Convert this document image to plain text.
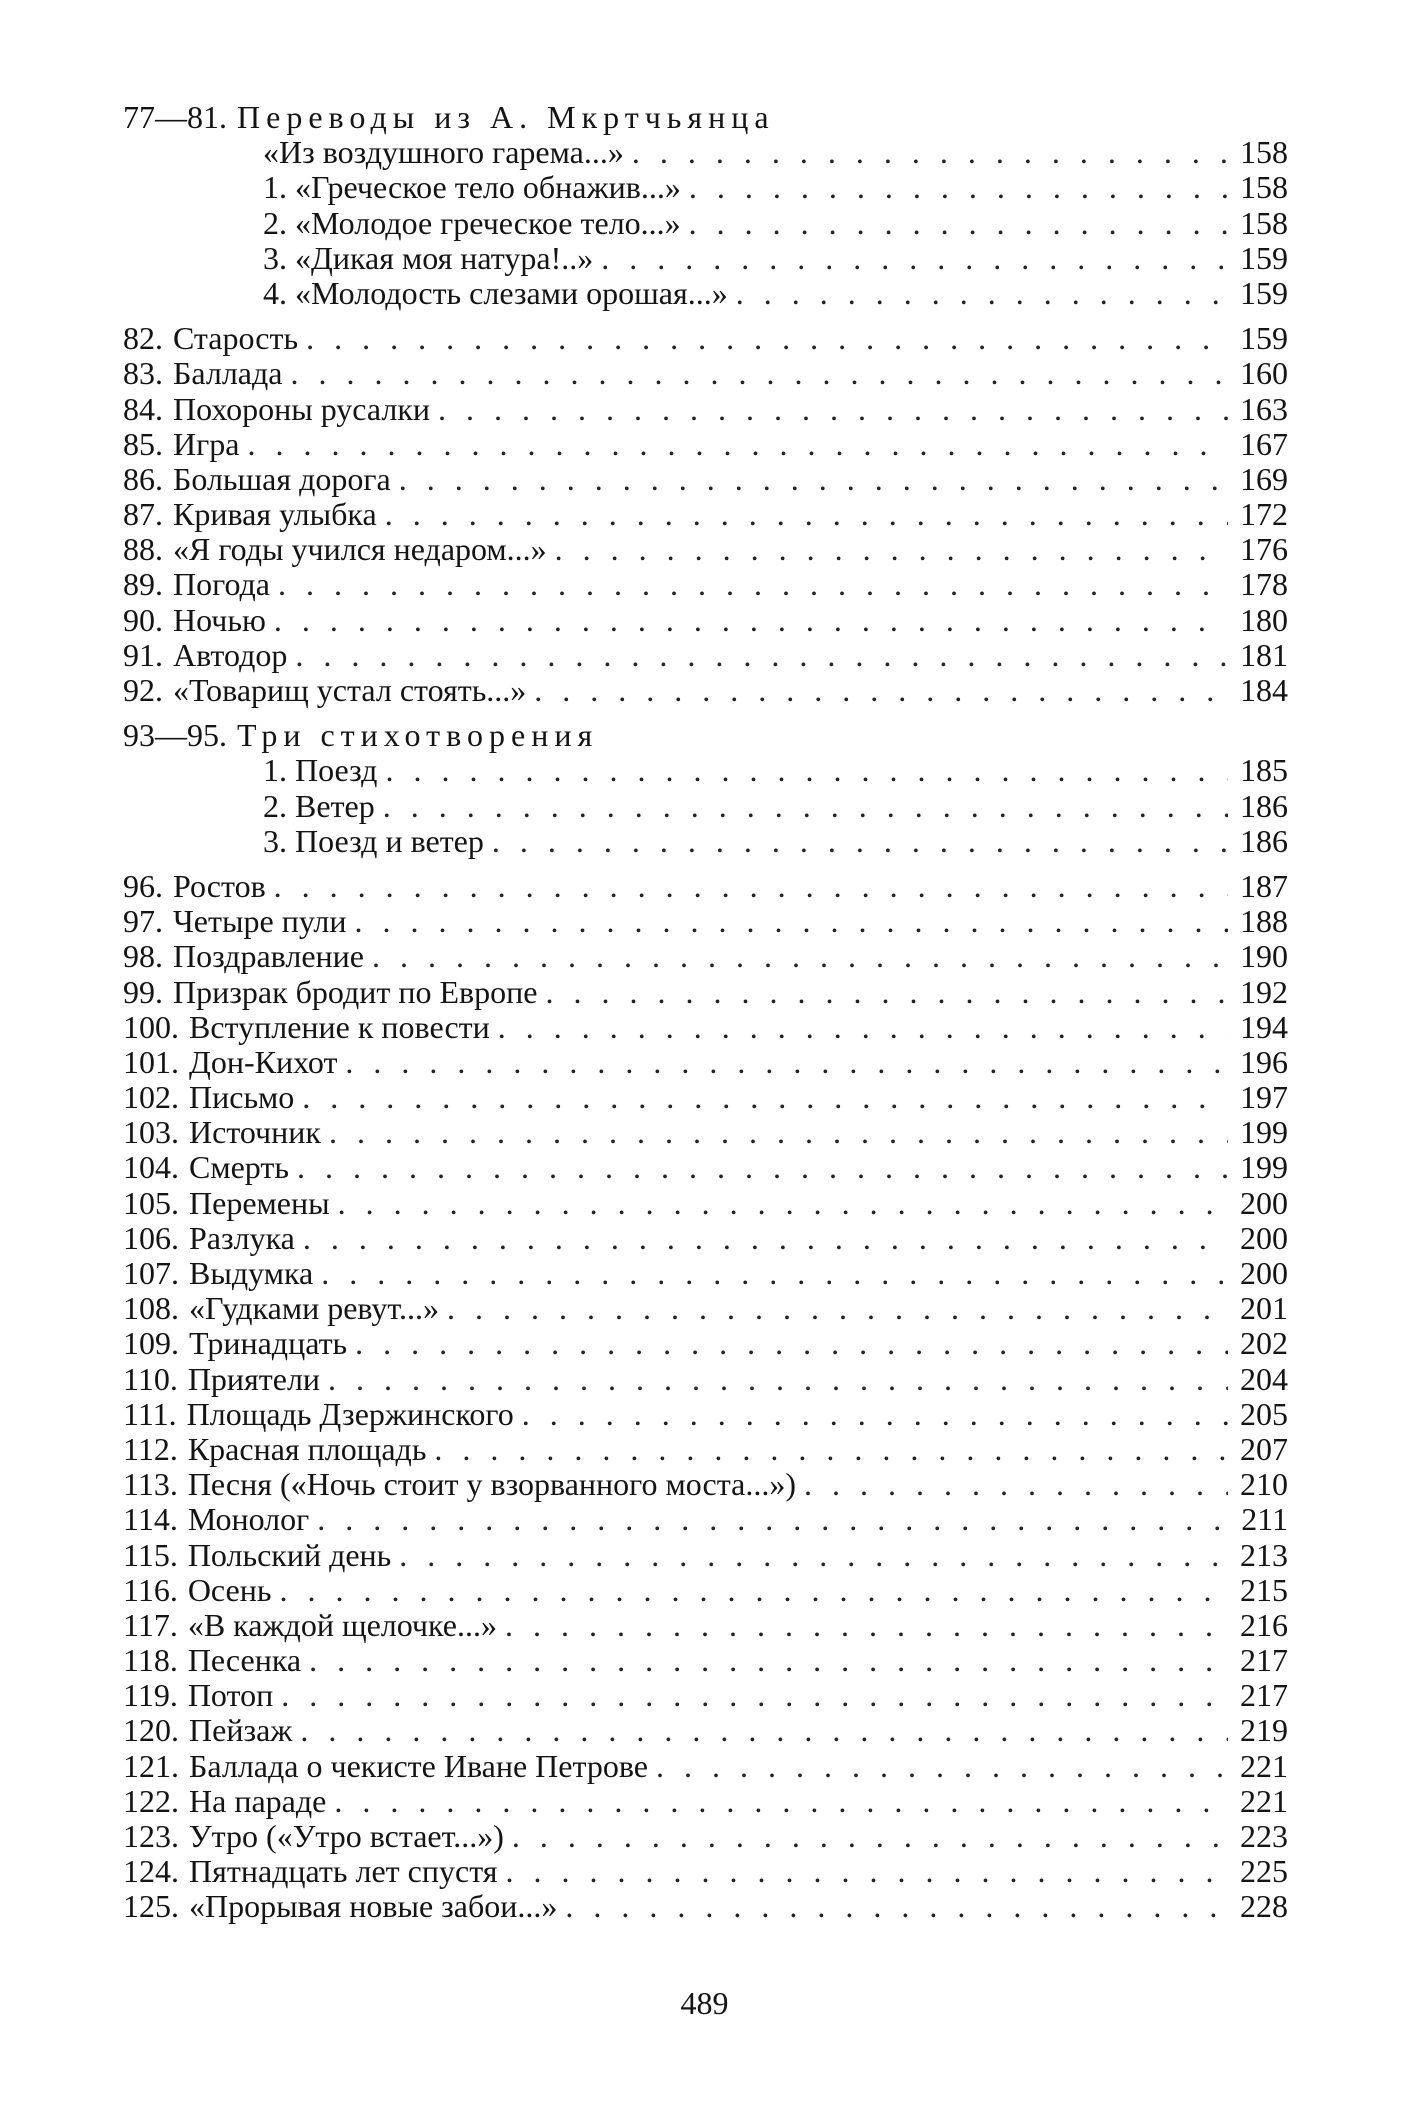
77—81. Переводы из А. Мкртчьянца
«Из воздушного гарема...» . . .	158
1. «Греческое тело обнажив...» . . .	158
2. «Молодое греческое тело...» . . .	158
3. «Дикая моя натура!..» . . .	159
4. «Молодость слезами орошая...» . . .	159
82. Старость . . .	159
83. Баллада . . .	160
84. Похороны русалки . . .	163
85. Игра . . .	167
86. Большая дорога . . .	169
87. Кривая улыбка . . .	172
88. «Я годы учился недаром...» . . .	176
89. Погода . . .	178
90. Ночью . . .	180
91. Автодор . . .	181
92. «Товарищ устал стоять...» . . .	184
93—95. Три стихотворения
1. Поезд . . .	185
2. Ветер . . .	186
3. Поезд и ветер . . .	186
96. Ростов . . .	187
97. Четыре пули . . .	188
98. Поздравление . . .	190
99. Призрак бродит по Европе . . .	192
100. Вступление к повести . . .	194
101. Дон-Кихот . . .	196
102. Письмо . . .	197
103. Источник . . .	199
104. Смерть . . .	199
105. Перемены . . .	200
106. Разлука . . .	200
107. Выдумка . . .	200
108. «Гудками ревут...» . . .	201
109. Тринадцать . . .	202
110. Приятели . . .	204
111. Площадь Дзержинского . . .	205
112. Красная площадь . . .	207
113. Песня («Ночь стоит у взорванного моста...») . . .	210
114. Монолог . . .	211
115. Польский день . . .	213
116. Осень . . .	215
117. «В каждой щелочке...» . . .	216
118. Песенка . . .	217
119. Потоп . . .	217
120. Пейзаж . . .	219
121. Баллада о чекисте Иване Петрове . . .	221
122. На параде . . .	221
123. Утро («Утро встает...») . . .	223
124. Пятнадцать лет спустя . . .	225
125. «Прорывая новые забои...» . . .	228
489
